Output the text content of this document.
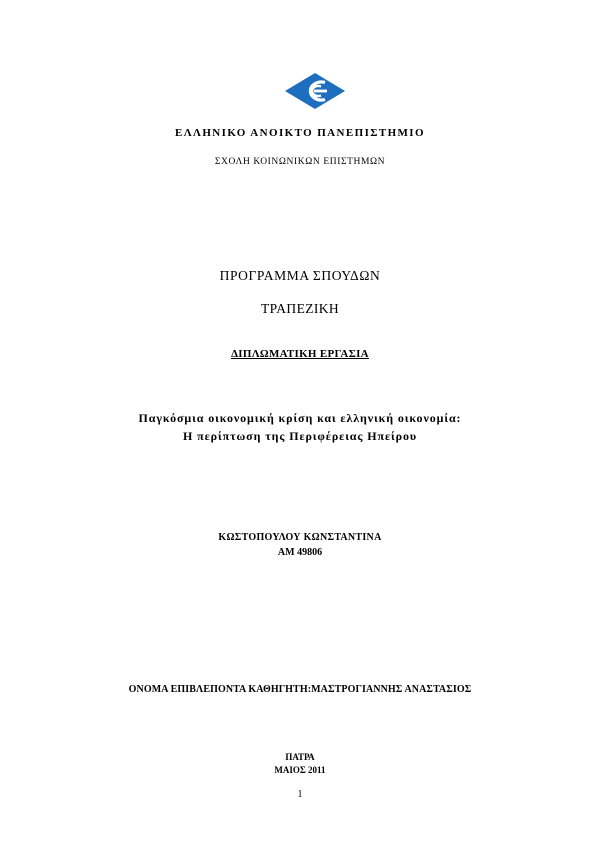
ΕΛΛΗΝΙΚΟ ΑΝΟΙΚΤΟ ΠΑΝΕΠΙΣΤΗΜΙΟ
ΣΧΟΛΗ ΚΟΙΝΩΝΙΚΩΝ ΕΠΙΣΤΗΜΩΝ
ΠΡΟΓΡΑΜΜΑ ΣΠΟΥΔΩΝ
ΤΡΑΠΕΖΙΚΗ
ΔΙΠΛΩΜΑΤΙΚΗ ΕΡΓΑΣΙΑ
Παγκόσμια οικονομική κρίση και ελληνική οικονομία:
Η περίπτωση της Περιφέρειας Ηπείρου
ΚΩΣΤΟΠΟΥΛΟΥ ΚΩΝΣΤΑΝΤΙΝΑ
ΑΜ 49806
ΟΝΟΜΑ ΕΠΙΒΛΕΠΟΝΤΑ ΚΑΘΗΓΗΤΗ:ΜΑΣΤΡΟΓΙΑΝΝΗΣ ΑΝΑΣΤΑΣΙΟΣ
ΠΑΤΡΑ
ΜΑΙΟΣ 2011
1
